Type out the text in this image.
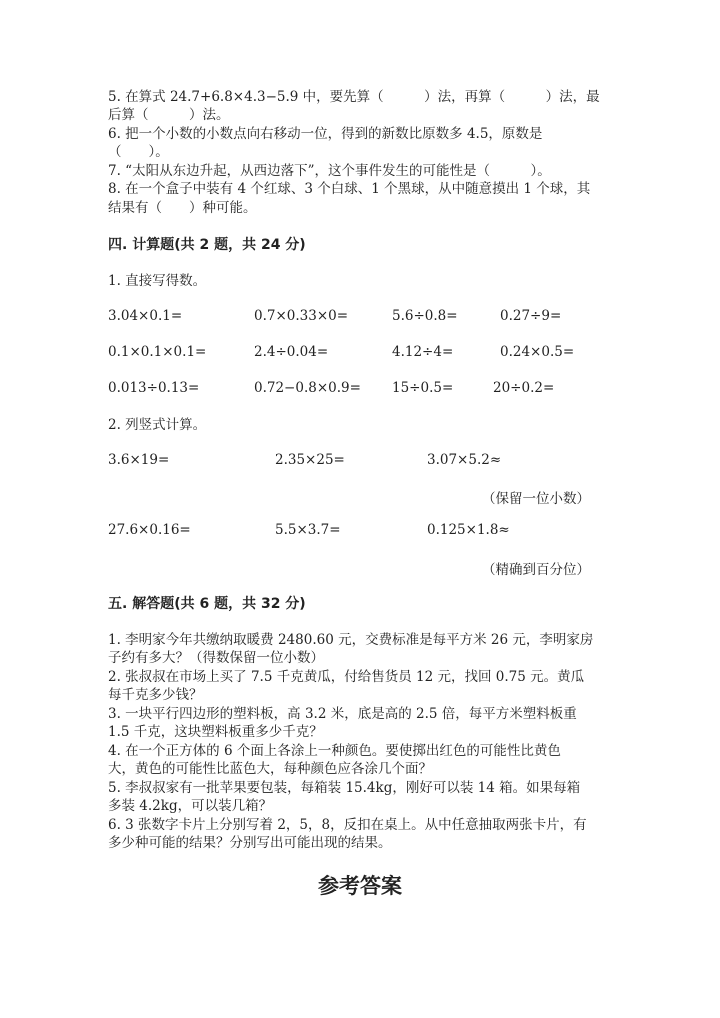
5. 在算式 24.7+6.8×4.3−5.9 中，要先算（　　　）法，再算（　　　）法，最
后算（　　　）法。
6. 把一个小数的小数点向右移动一位，得到的新数比原数多 4.5，原数是
（　　）。
7. “太阳从东边升起，从西边落下”，这个事件发生的可能性是（　　　）。
8. 在一个盒子中装有 4 个红球、3 个白球、1 个黑球，从中随意摸出 1 个球，其
结果有（　　）种可能。
四. 计算题(共 2 题，共 24 分)
1. 直接写得数。
3.04×0.1=	0.7×0.33×0=	5.6÷0.8=	0.27÷9=
0.1×0.1×0.1=	2.4÷0.04=	4.12÷4=	0.24×0.5=
0.013÷0.13=	0.72−0.8×0.9= 15÷0.5=	20÷0.2=
2. 列竖式计算。
3.6×19=	2.35×25=	3.07×5.2≈
（保留一位小数）
27.6×0.16=	5.5×3.7=	0.125×1.8≈
（精确到百分位）
五. 解答题(共 6 题，共 32 分)
1. 李明家今年共缴纳取暖费 2480.60 元，交费标准是每平方米 26 元，李明家房
子约有多大？（得数保留一位小数）
2. 张叔叔在市场上买了 7.5 千克黄瓜，付给售货员 12 元，找回 0.75 元。黄瓜
每千克多少钱？
3. 一块平行四边形的塑料板，高 3.2 米，底是高的 2.5 倍，每平方米塑料板重
1.5 千克，这块塑料板重多少千克？
4. 在一个正方体的 6 个面上各涂上一种颜色。要使掷出红色的可能性比黄色
大，黄色的可能性比蓝色大，每种颜色应各涂几个面？
5. 李叔叔家有一批苹果要包装，每箱装 15.4kg，刚好可以装 14 箱。如果每箱
多装 4.2kg，可以装几箱？
6. 3 张数字卡片上分别写着 2，5，8，反扣在桌上。从中任意抽取两张卡片，有
多少种可能的结果？分别写出可能出现的结果。
参考答案
